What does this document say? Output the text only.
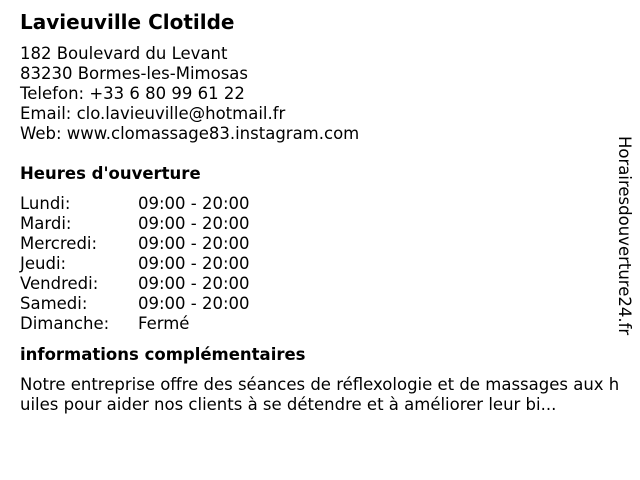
Lavieuville Clotilde
182 Boulevard du Levant
83230 Bormes-les-Mimosas
Telefon: +33 6 80 99 61 22
Email: clo.lavieuville@hotmail.fr
Web: www.clomassage83.instagram.com
Heures d'ouverture
Lundi:	09:00 - 20:00
Mardi:	09:00 - 20:00
Mercredi:	09:00 - 20:00
Jeudi:	09:00 - 20:00
Vendredi:	09:00 - 20:00
Samedi:	09:00 - 20:00
Dimanche:	Fermé
informations complémentaires
Notre entreprise offre des séances de réflexologie et de massages aux huiles pour aider nos clients à se détendre et à améliorer leur bi...
Horairesdouverture24.fr
